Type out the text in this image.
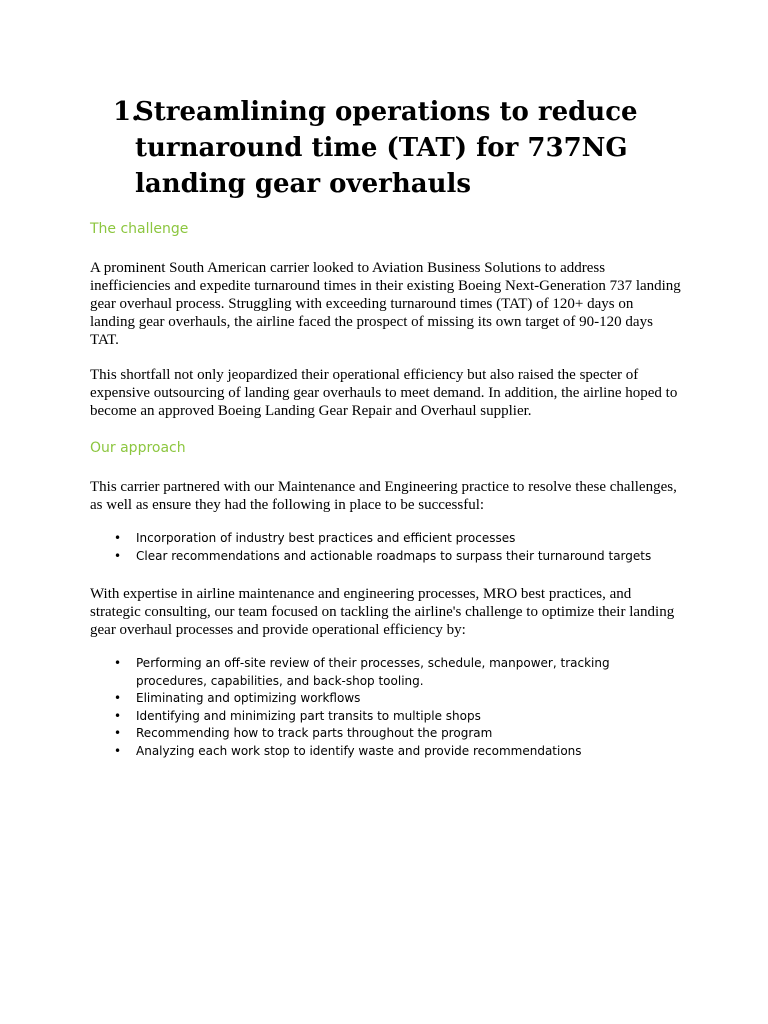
1.
Streamlining operations to reduce turnaround time (TAT) for 737NG landing gear overhauls
The challenge

A prominent South American carrier looked to Aviation Business Solutions to address inefficiencies and expedite turnaround times in their existing Boeing Next-Generation 737 landing gear overhaul process. Struggling with exceeding turnaround times (TAT) of 120+ days on landing gear overhauls, the airline faced the prospect of missing its own target of 90-120 days TAT.

This shortfall not only jeopardized their operational efficiency but also raised the specter of expensive outsourcing of landing gear overhauls to meet demand. In addition, the airline hoped to become an approved Boeing Landing Gear Repair and Overhaul supplier.

Our approach

This carrier partnered with our Maintenance and Engineering practice to resolve these challenges, as well as ensure they had the following in place to be successful:

•	Incorporation of industry best practices and efficient processes
•	Clear recommendations and actionable roadmaps to surpass their turnaround targets

With expertise in airline maintenance and engineering processes, MRO best practices, and strategic consulting, our team focused on tackling the airline's challenge to optimize their landing gear overhaul processes and provide operational efficiency by:

•	Performing an off-site review of their processes, schedule, manpower, tracking procedures, capabilities, and back-shop tooling.
•	Eliminating and optimizing workflows
•	Identifying and minimizing part transits to multiple shops
•	Recommending how to track parts throughout the program
•	Analyzing each work stop to identify waste and provide recommendations
